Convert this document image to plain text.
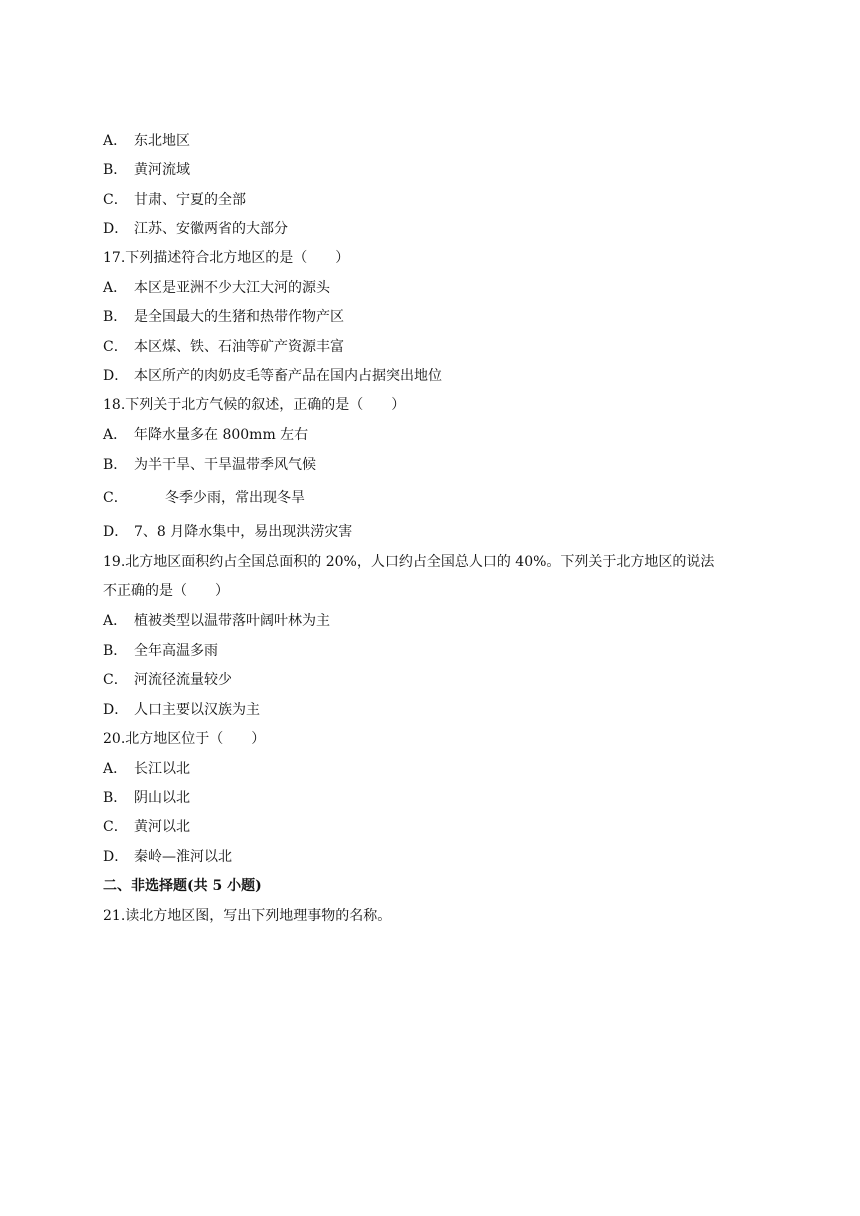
A． 东北地区
B． 黄河流域
C． 甘肃、宁夏的全部
D． 江苏、安徽两省的大部分
17.下列描述符合北方地区的是（　　）
A． 本区是亚洲不少大江大河的源头
B． 是全国最大的生猪和热带作物产区
C． 本区煤、铁、石油等矿产资源丰富
D． 本区所产的肉奶皮毛等畜产品在国内占据突出地位
18.下列关于北方气候的叙述，正确的是（　　）
A． 年降水量多在 800mm 左右
B． 为半干旱、干旱温带季风气候
C．	冬季少雨，常出现冬旱
D． 7、8 月降水集中，易出现洪涝灾害
19.北方地区面积约占全国总面积的 20%，人口约占全国总人口的 40%。下列关于北方地区的说法
不正确的是（　　）
A． 植被类型以温带落叶阔叶林为主
B． 全年高温多雨
C． 河流径流量较少
D． 人口主要以汉族为主
20.北方地区位于（　　）
A． 长江以北
B． 阴山以北
C． 黄河以北
D． 秦岭—淮河以北
二、非选择题(共 5 小题)
21.读北方地区图，写出下列地理事物的名称。
